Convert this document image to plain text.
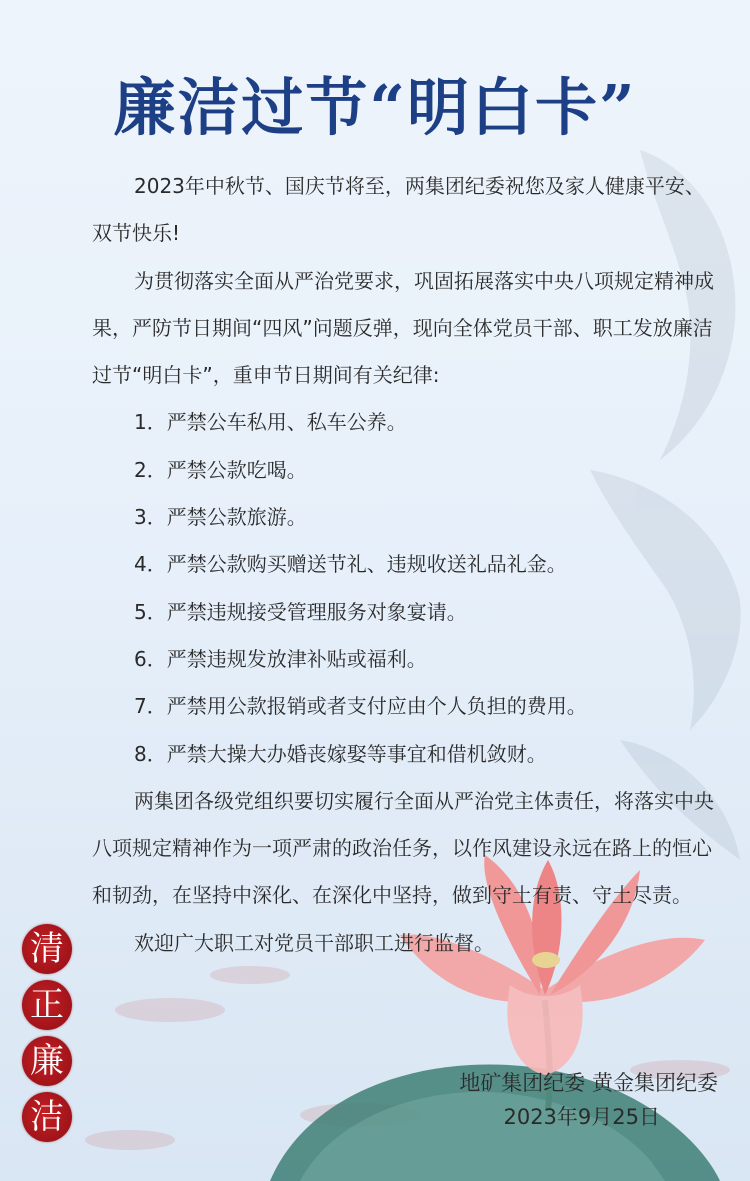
廉洁过节“明白卡”

2023年中秋节、国庆节将至，两集团纪委祝您及家人健康平安、双节快乐!

为贯彻落实全面从严治党要求，巩固拓展落实中央八项规定精神成果，严防节日期间“四风”问题反弹，现向全体党员干部、职工发放廉洁过节“明白卡”，重申节日期间有关纪律:

1．严禁公车私用、私车公养。

2．严禁公款吃喝。

3．严禁公款旅游。

4．严禁公款购买赠送节礼、违规收送礼品礼金。

5．严禁违规接受管理服务对象宴请。

6．严禁违规发放津补贴或福利。

7．严禁用公款报销或者支付应由个人负担的费用。

8．严禁大操大办婚丧嫁娶等事宜和借机敛财。

两集团各级党组织要切实履行全面从严治党主体责任，将落实中央八项规定精神作为一项严肃的政治任务，以作风建设永远在路上的恒心和韧劲，在坚持中深化、在深化中坚持，做到守土有责、守土尽责。

欢迎广大职工对党员干部职工进行监督。

地矿集团纪委 黄金集团纪委
2023年9月25日
清
正
廉
洁
